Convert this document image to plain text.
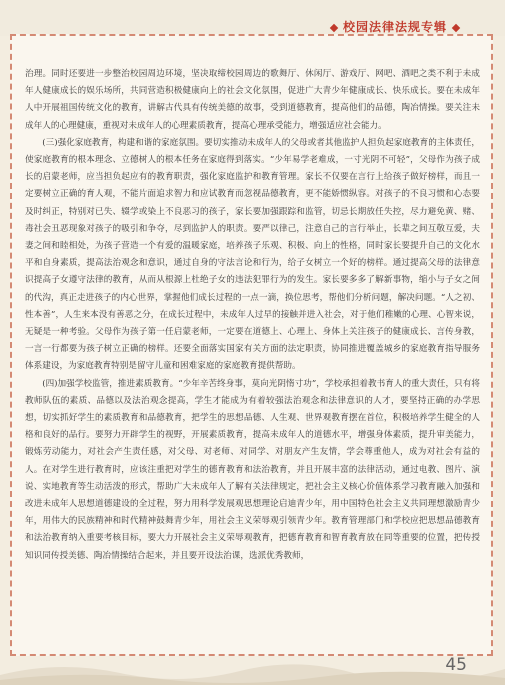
校园法律法规专辑

治理。同时还要进一步整治校园周边环境，坚决取缔校园周边的歌舞厅、休闲厅、游戏厅、网吧、酒吧之类不利于未成年人健康成长的娱乐场所，共同营造积极健康向上的社会文化氛围，促进广大青少年健康成长、快乐成长。要在未成年人中开展祖国传统文化的教育，讲解古代具有传统美德的故事，受到道德教育，提高他们的品德，陶冶情操。要关注未成年人的心理健康，重视对未成年人的心理素质教育，提高心理承受能力，增强适应社会能力。

(三)强化家庭教育，构建和谐的家庭氛围。要切实推动未成年人的父母或者其他监护人担负起家庭教育的主体责任，使家庭教育的根本理念、立德树人的根本任务在家庭得到落实。“少年易学老难成，一寸光阴不可轻”，父母作为孩子成长的启蒙老师，应当担负起应有的教育职责，强化家庭监护和教育管理。家长不仅要在言行上给孩子做好榜样，而且一定要树立正确的育人观，不能片面追求智力和应试教育而忽视品德教育，更不能娇惯纵容。对孩子的不良习惯和心态要及时纠正，特别对已失、辍学或染上不良恶习的孩子，家长要加强跟踪和监管，切忌长期放任失控，尽力避免黄、赌、毒社会丑恶现象对孩子的吸引和争夺，尽到监护人的职责。要严以律己，注意自己的言行举止，长辈之间互敬互爱，夫妻之间和睦相处，为孩子营造一个有爱的温暖家庭，培养孩子乐观、积极、向上的性格，同时家长要提升自己的文化水平和自身素质，提高法治观念和意识，通过自身的守法言论和行为，给子女树立一个好的榜样。通过提高父母的法律意识提高子女遵守法律的教育，从而从根源上杜绝子女的违法犯罪行为的发生。家长要多多了解新事物，缩小与子女之间的代沟，真正走进孩子的内心世界，掌握他们成长过程的一点一滴，换位思考，帮他们分析问题，解决问题。“人之初、性本善”，人生来本没有善恶之分，在成长过程中，未成年人过早的接触并进入社会，对于他们稚嫩的心理、心智来说，无疑是一种考验。父母作为孩子第一任启蒙老师，一定要在道德上、心理上、身体上关注孩子的健康成长、言传身教，一言一行都要为孩子树立正确的榜样。还要全面落实国家有关方面的法定职责，协同推进覆盖城乡的家庭教育指导服务体系建设，为家庭教育特别是留守儿童和困难家庭的家庭教育提供帮助。

(四)加强学校监管，推进素质教育。“少年辛苦终身事，莫向光阴惰寸功”，学校承担着教书育人的重大责任，只有将教师队伍的素质、品德以及法治观念提高，学生才能成为有着较强法治观念和法律意识的人才，要坚持正确的办学思想，切实抓好学生的素质教育和品德教育，把学生的思想品德、人生观、世界观教育摆在首位，积极培养学生健全的人格和良好的品行。要努力开辟学生的视野，开展素质教育，提高未成年人的道德水平，增强身体素质，提升审美能力，锻炼劳动能力，对社会产生责任感，对父母、对老师、对同学、对朋友产生友情，学会尊重他人，成为对社会有益的人。在对学生进行教育时，应该注重把对学生的德育教育和法治教育，并且开展丰富的法律活动，通过电教、图片、演说、实地教育等生动活泼的形式，帮助广大未成年人了解有关法律规定，把社会主义核心价值体系学习教育融入加强和改进未成年人思想道德建设的全过程，努力用科学发展观思想理论启迪青少年，用中国特色社会主义共同理想激励青少年，用伟大的民族精神和时代精神鼓舞青少年，用社会主义荣辱观引领青少年。教育管理部门和学校应把思想品德教育和法治教育纳入重要考核目标，要大力开展社会主义荣辱观教育，把德育教育和智育教育放在同等重要的位置，把传授知识同传授美德、陶冶情操结合起来，并且要开设法治课，选派优秀教师，

45
